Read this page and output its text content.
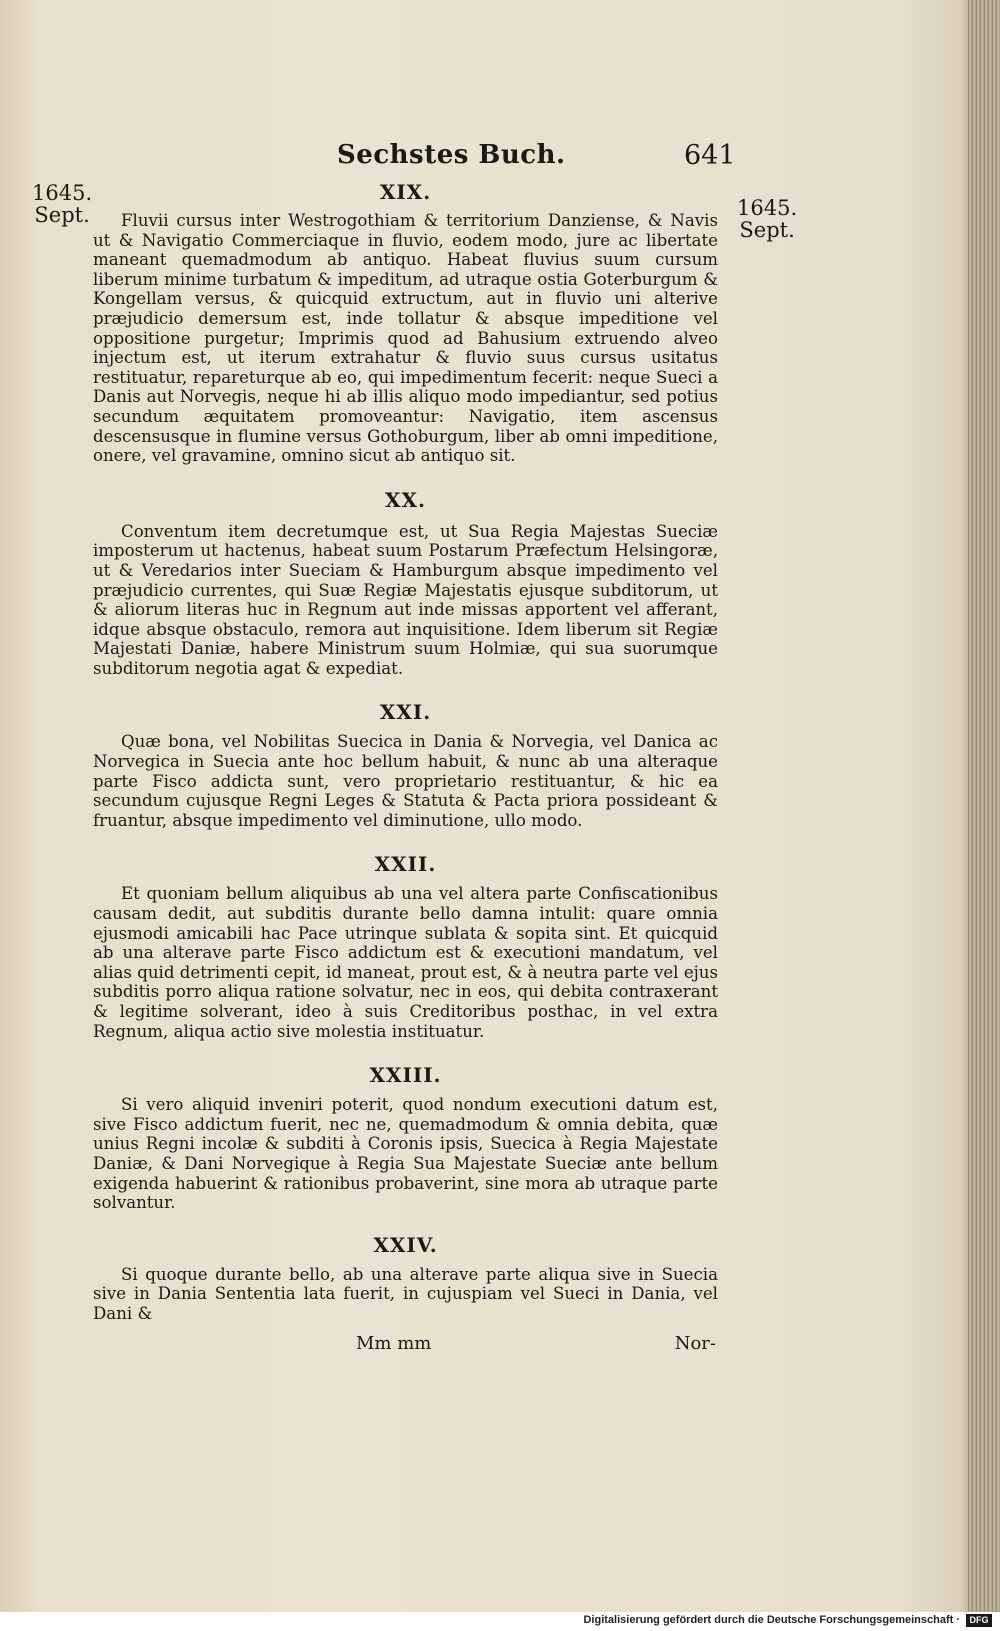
Sechstes Buch.	641
1645.
Sept.	1645.
Sept.
XIX.

Fluvii cursus inter Westrogothiam & territorium Danziense, & Navis ut & Navigatio Commerciaque in fluvio, eodem modo, jure ac libertate maneant quemadmodum ab antiquo. Habeat fluvius suum cursum liberum minime turbatum & impeditum, ad utraque ostia Goterburgum & Kongellam versus, & quicquid extructum, aut in fluvio uni alterive præjudicio demersum est, inde tollatur & absque impeditione vel oppositione purgetur; Imprimis quod ad Bahusium extruendo alveo injectum est, ut iterum extrahatur & fluvio suus cursus usitatus restituatur, repareturque ab eo, qui impedimentum fecerit: neque Sueci a Danis aut Norvegis, neque hi ab illis aliquo modo impediantur, sed potius secundum æquitatem promoveantur: Navigatio, item ascensus descensusque in flumine versus Gothoburgum, liber ab omni impeditione, onere, vel gravamine, omnino sicut ab antiquo sit.

XX.

Conventum item decretumque est, ut Sua Regia Majestas Sueciæ imposterum ut hactenus, habeat suum Postarum Præfectum Helsingoræ, ut & Veredarios inter Sueciam & Hamburgum absque impedimento vel præjudicio currentes, qui Suæ Regiæ Majestatis ejusque subditorum, ut & aliorum literas huc in Regnum aut inde missas apportent vel afferant, idque absque obstaculo, remora aut inquisitione. Idem liberum sit Regiæ Majestati Daniæ, habere Ministrum suum Holmiæ, qui sua suorumque subditorum negotia agat & expediat.

XXI.

Quæ bona, vel Nobilitas Suecica in Dania & Norvegia, vel Danica ac Norvegica in Suecia ante hoc bellum habuit, & nunc ab una alteraque parte Fisco addicta sunt, vero proprietario restituantur, & hic ea secundum cujusque Regni Leges & Statuta & Pacta priora possideant & fruantur, absque impedimento vel diminutione, ullo modo.

XXII.

Et quoniam bellum aliquibus ab una vel altera parte Confiscationibus causam dedit, aut subditis durante bello damna intulit: quare omnia ejusmodi amicabili hac Pace utrinque sublata & sopita sint. Et quicquid ab una alterave parte Fisco addictum est & executioni mandatum, vel alias quid detrimenti cepit, id maneat, prout est, & à neutra parte vel ejus subditis porro aliqua ratione solvatur, nec in eos, qui debita contraxerant & legitime solverant, ideo à suis Creditoribus posthac, in vel extra Regnum, aliqua actio sive molestia instituatur.

XXIII.

Si vero aliquid inveniri poterit, quod nondum executioni datum est, sive Fisco addictum fuerit, nec ne, quemadmodum & omnia debita, quæ unius Regni incolæ & subditi à Coronis ipsis, Suecica à Regia Majestate Daniæ, & Dani Norvegique à Regia Sua Majestate Sueciæ ante bellum exigenda habuerint & rationibus probaverint, sine mora ab utraque parte solvantur.

XXIV.

Si quoque durante bello, ab una alterave parte aliqua sive in Suecia sive in Dania Sententia lata fuerit, in cujuspiam vel Sueci in Dania, vel Dani &

Mm mm	Nor-
Digitalisierung gefördert durch die Deutsche Forschungsgemeinschaft ·	DFG
